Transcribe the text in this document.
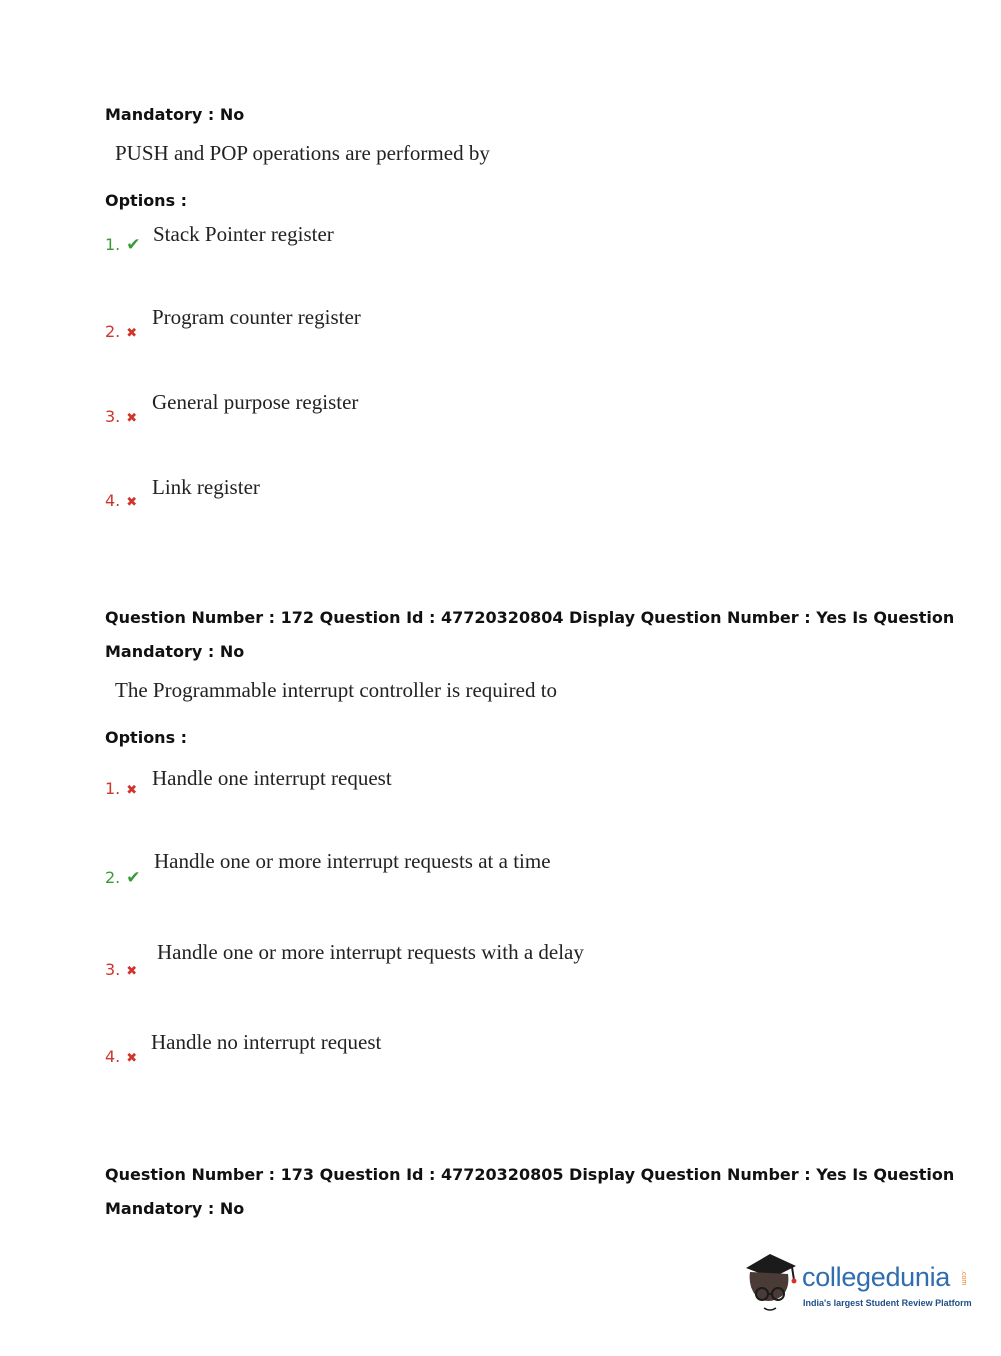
Mandatory : No
PUSH and POP operations are performed by
Options :
1. ✔ Stack Pointer register
2. ✖
Program counter register
3. ✖
General purpose register
4. ✖
Link register
Question Number : 172 Question Id : 47720320804 Display Question Number : Yes Is Question
Mandatory : No
The Programmable interrupt controller is required to
Options :
1. ✖
Handle one interrupt request
2. ✔
Handle one or more interrupt requests at a time
3. ✖
Handle one or more interrupt requests with a delay
4. ✖
Handle no interrupt request
Question Number : 173 Question Id : 47720320805 Display Question Number : Yes Is Question
Mandatory : No
collegedunia .com
India's largest Student Review Platform
